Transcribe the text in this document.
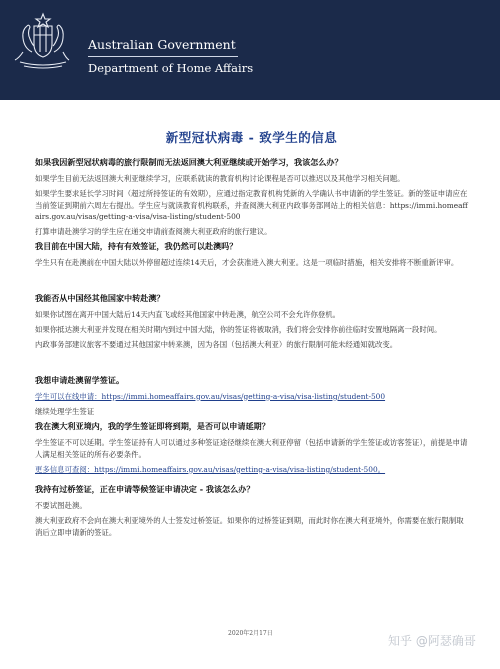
Australian Government
Department of Home Affairs
新型冠状病毒 - 致学生的信息
如果我因新型冠状病毒的旅行限制而无法返回澳大利亚继续或开始学习，我该怎么办？
如果学生目前无法返回澳大利亚继续学习，应联系就读的教育机构讨论课程是否可以推迟以及其他学习相关问题。
如果学生要求延长学习时间（超过所持签证的有效期），应通过指定教育机构凭新的入学确认书申请新的学生签证。新的签证申请应在当前签证到期前六周左右提出。学生应与就读教育机构联系，并查阅澳大利亚内政事务部网站上的相关信息：https://immi.homeaffairs.gov.au/visas/getting-a-visa/visa-listing/student-500
打算申请赴澳学习的学生应在递交申请前查阅澳大利亚政府的旅行建议。
我目前在中国大陆，持有有效签证，我仍然可以赴澳吗？
学生只有在赴澳前在中国大陆以外停留超过连续14天后，才会获准进入澳大利亚。这是一项临时措施，相关安排将不断重新评审。
我能否从中国经其他国家中转赴澳？
如果你试图在离开中国大陆后14天内直飞或经其他国家中转赴澳，航空公司不会允许你登机。
如果你抵达澳大利亚并发现在相关时期内到过中国大陆，你的签证将被取消，我们将会安排你前往临时安置地隔离一段时间。
内政事务部建议旅客不要通过其他国家中转来澳，因为各国（包括澳大利亚）的旅行限制可能未经通知就改变。
我想申请赴澳留学签证。
学生可以在线申请：https://immi.homeaffairs.gov.au/visas/getting-a-visa/visa-listing/student-500
继续处理学生签证
我在澳大利亚境内，我的学生签证即将到期，是否可以申请延期？
学生签证不可以延期。学生签证持有人可以通过多种签证途径继续在澳大利亚停留（包括申请新的学生签证或访客签证），前提是申请人满足相关签证的所有必要条件。
更多信息可查阅：https://immi.homeaffairs.gov.au/visas/getting-a-visa/visa-listing/student-500。
我持有过桥签证，正在申请等候签证申请决定 - 我该怎么办？
不要试图赴澳。
澳大利亚政府不会向在澳大利亚境外的人士签发过桥签证。如果你的过桥签证到期，而此时你在澳大利亚境外，你需要在旅行限制取消后立即申请新的签证。
2020年2月17日
知乎 @阿瑟确哥
